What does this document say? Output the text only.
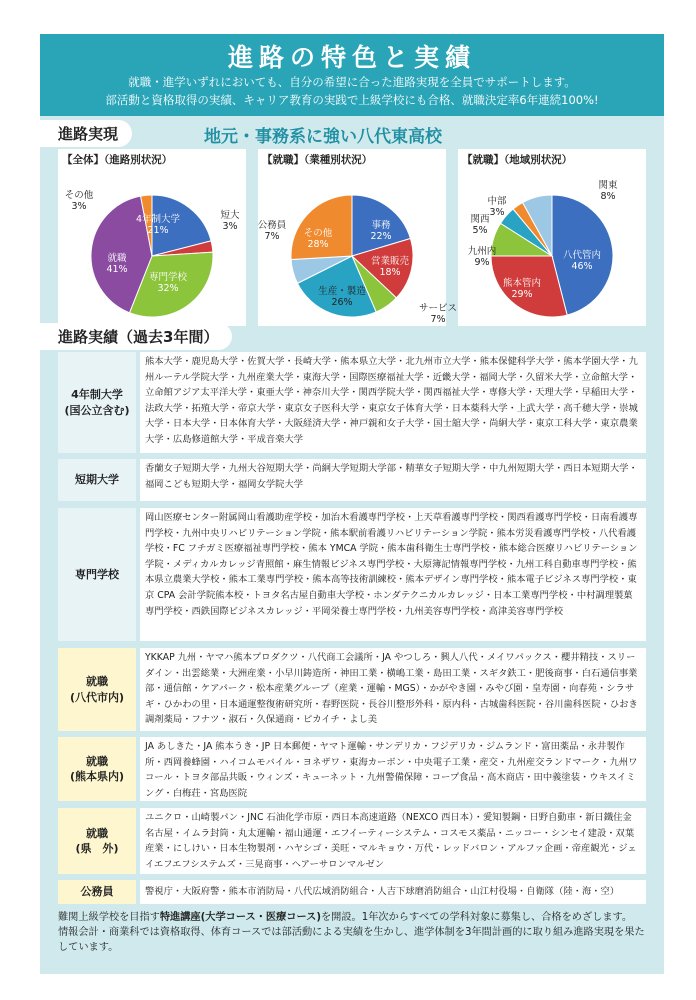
進路の特色と実績
就職・進学いずれにおいても、自分の希望に合った進路実現を全員でサポートします。
部活動と資格取得の実績、キャリア教育の実践で上級学校にも合格、就職決定率6年連続100%!
進路実現	地元・事務系に強い八代東高校
4年制大学 21%
短大 3%
専門学校 32%
就職 41%
その他 3%
【全体】（進路別状況）
事務 22%
営業販売 18%
サービス 7%
生産・製造 26%
公務員 7%	その他 28%
【就職】（業種別状況）
八代管内 46%
熊本管内 29%
九州内 9%
関西 5%
中部 3%
関東 8%
【就職】（地域別状況）
進路実績（過去3年間）
4年制大学
(国公立含む)
熊本大学・鹿児島大学・佐賀大学・長崎大学・熊本県立大学・北九州市立大学・熊本保健科学大学・熊本学園大学・九州ルーテル学院大学・九州産業大学・東海大学・国際医療福祉大学・近畿大学・福岡大学・久留米大学・立命館大学・立命館アジア太平洋大学・東亜大学・神奈川大学・関西学院大学・関西福祉大学・専修大学・天理大学・早稲田大学・法政大学・拓殖大学・帝京大学・東京女子医科大学・東京女子体育大学・日本薬科大学・上武大学・高千穂大学・崇城大学・日本大学・日本体育大学・大阪経済大学・神戸親和女子大学・国士舘大学・尚絅大学・東京工科大学・東京農業大学・広島修道館大学・平成音楽大学
短期大学
香蘭女子短期大学・九州大谷短期大学・尚絅大学短期大学部・精華女子短期大学・中九州短期大学・西日本短期大学・福岡こども短期大学・福岡女学院大学
専門学校
岡山医療センター附属岡山看護助産学校・加治木看護専門学校・上天草看護専門学校・関西看護専門学校・日南看護専門学校・九州中央リハビリテーション学院・熊本駅前看護リハビリテーション学院・熊本労災看護専門学校・八代看護学校・FC フチガミ医療福祉専門学校・熊本 YMCA 学院・熊本歯科衛生士専門学校・熊本総合医療リハビリテーション学院・メディカルカレッジ青照館・麻生情報ビジネス専門学校・大原簿記情報専門学校・九州工科自動車専門学校・熊本県立農業大学校・熊本工業専門学校・熊本高等技術訓練校・熊本デザイン専門学校・熊本電子ビジネス専門学校・東京 CPA 会計学院熊本校・トヨタ名古屋自動車大学校・ホンダテクニカルカレッジ・日本工業専門学校・中村調理製菓専門学校・西鉄国際ビジネスカレッジ・平岡栄養士専門学校・九州美容専門学校・高津美容専門学校
就職
(八代市内)
YKKAP 九州・ヤマハ熊本プロダクツ・八代商工会議所・JA やつしろ・興人八代・メイワパックス・櫻井精技・スリーダイン・出雲総業・大洲産業・小早川鋳造所・神田工業・横嶋工業・島田工業・スギタ鉄工・肥後商事・白石通信事業部・通信館・ケアパーク・松本産業グループ（産業・運輸・MGS）・かがやき園・みやび園・皇寿園・向春苑・シラサギ・ひかわの里・日本通運整復術研究所・春野医院・長谷川整形外科・原内科・古城歯科医院・谷川歯科医院・ひおき調剤薬局・フナツ・淑石・久保通商・ピカイチ・よし美
就職
(熊本県内)
JA あしきた・JA 熊本うき・JP 日本郵便・ヤマト運輸・サンデリカ・フジデリカ・ジムランド・富田薬品・永井製作所・西岡養蜂園・ハイコムモバイル・ヨネザワ・東海カーボン・中央電子工業・産交・九州産交ランドマーク・九州ワコール・トヨタ部品共販・ウィンズ・キューネット・九州警備保障・コープ食品・高木商店・田中義塗装・ウキスイミング・白梅荘・宮島医院
就職
(県　外)
ユニクロ・山崎製パン・JNC 石油化学市原・西日本高速道路（NEXCO 西日本）・愛知製鋼・日野自動車・新日鐵住金名古屋・イムラ封筒・丸太運輸・福山通運・エフイーティーシステム・コスモス薬品・ニッコー・シンセイ建設・双葉産業・にしけい・日本生物製剤・ハヤシゴ・美旺・マルキョウ・万代・レッドバロン・アルファ企画・帝産観光・ジェイエフエフシステムズ・三晃商事・ヘアーサロンマルゼン
公務員	警視庁・大阪府警・熊本市消防局・八代広域消防組合・人吉下球磨消防組合・山江村役場・自衛隊（陸・海・空）
難関上級学校を目指す特進講座(大学コース・医療コース)を開設。1年次からすべての学科対象に募集し、合格をめざします。
情報会計・商業科では資格取得、体育コースでは部活動による実績を生かし、進学体制を3年間計画的に取り組み進路実現を果たしています。
